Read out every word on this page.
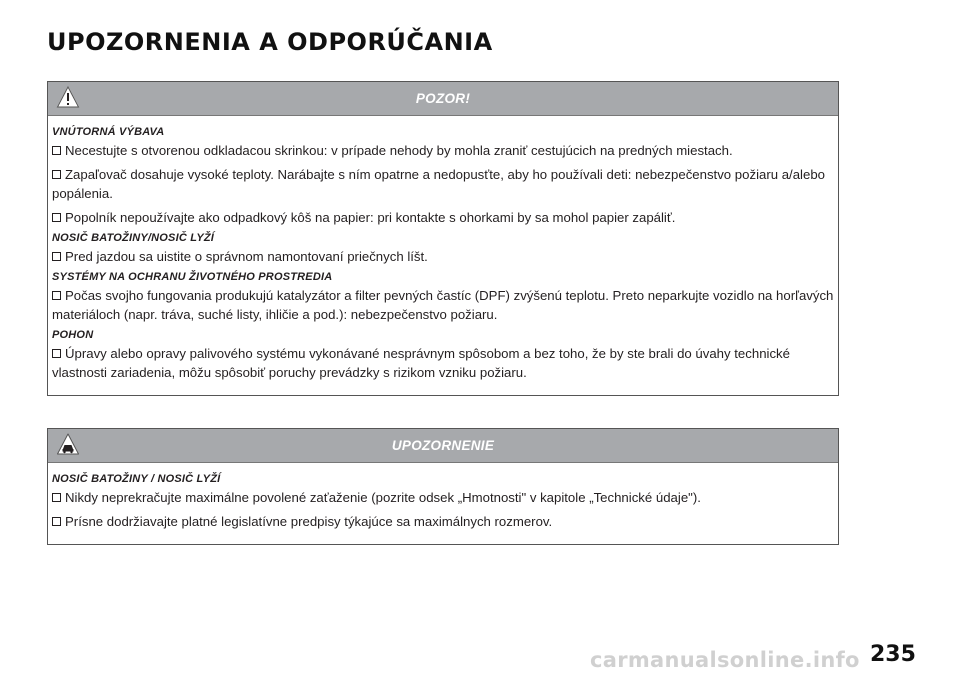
UPOZORNENIA A ODPORÚČANIA
POZOR!
VNÚTORNÁ VÝBAVA

Necestujte s otvorenou odkladacou skrinkou: v prípade nehody by mohla zraniť cestujúcich na predných miestach.

Zapaľovač dosahuje vysoké teploty. Narábajte s ním opatrne a nedopusťte, aby ho používali deti: nebezpečenstvo požiaru a/alebo popálenia.

Popolník nepoužívajte ako odpadkový kôš na papier: pri kontakte s ohorkami by sa mohol papier zapáliť.

NOSIČ BATOŽINY/NOSIČ LYŽÍ

Pred jazdou sa uistite o správnom namontovaní priečnych líšt.

SYSTÉMY NA OCHRANU ŽIVOTNÉHO PROSTREDIA

Počas svojho fungovania produkujú katalyzátor a filter pevných častíc (DPF) zvýšenú teplotu. Preto neparkujte vozidlo na horľavých materiáloch (napr. tráva, suché listy, ihličie a pod.): nebezpečenstvo požiaru.

POHON

Úpravy alebo opravy palivového systému vykonávané nesprávnym spôsobom a bez toho, že by ste brali do úvahy technické vlastnosti zariadenia, môžu spôsobiť poruchy prevádzky s rizikom vzniku požiaru.

UPOZORNENIE
NOSIČ BATOŽINY / NOSIČ LYŽÍ

Nikdy neprekračujte maximálne povolené zaťaženie (pozrite odsek „Hmotnosti" v kapitole „Technické údaje").

Prísne dodržiavajte platné legislatívne predpisy týkajúce sa maximálnych rozmerov.

carmanualsonline.info 235
